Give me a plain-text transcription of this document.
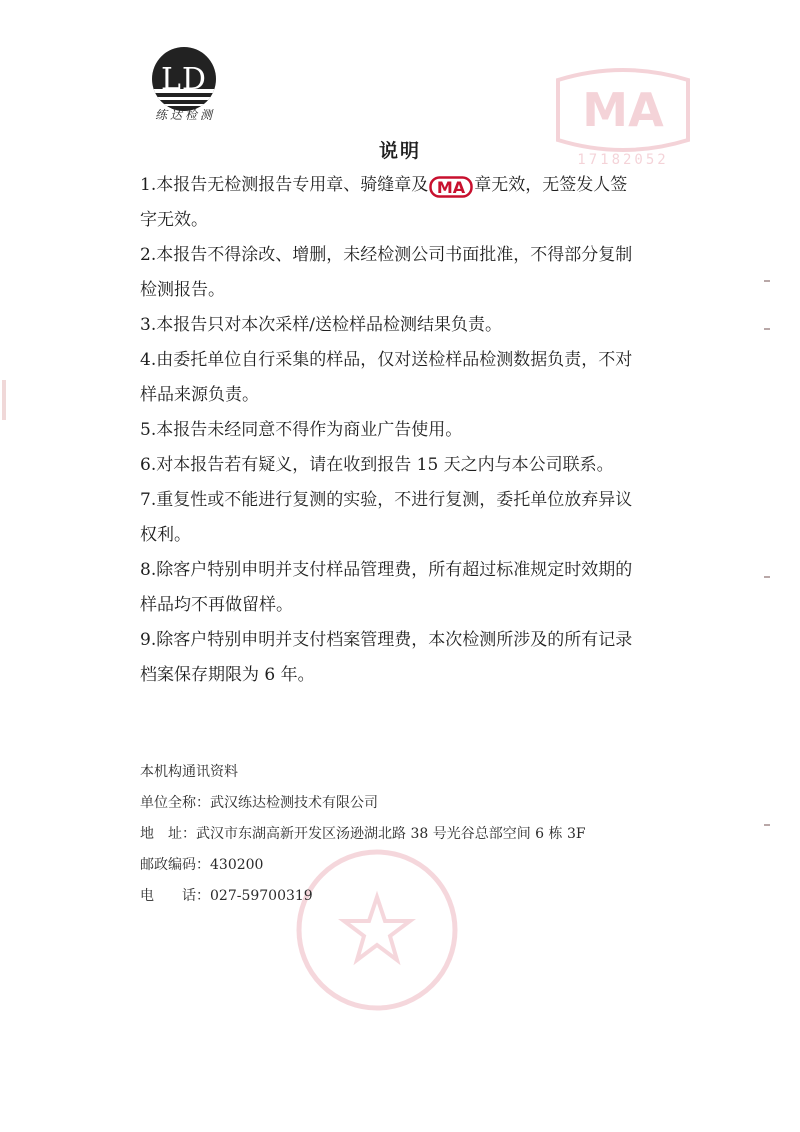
MA
17182052
LD
练达检测
说明
1.本报告无检测报告专用章、骑缝章及 MA 章无效，无签发人签
字无效。
2.本报告不得涂改、增删，未经检测公司书面批准，不得部分复制
检测报告。
3.本报告只对本次采样/送检样品检测结果负责。
4.由委托单位自行采集的样品，仅对送检样品检测数据负责，不对
样品来源负责。
5.本报告未经同意不得作为商业广告使用。
6.对本报告若有疑义，请在收到报告 15 天之内与本公司联系。
7.重复性或不能进行复测的实验，不进行复测，委托单位放弃异议
权利。
8.除客户特别申明并支付样品管理费，所有超过标准规定时效期的
样品均不再做留样。
9.除客户特别申明并支付档案管理费，本次检测所涉及的所有记录
档案保存期限为 6 年。
本机构通讯资料
单位全称：武汉练达检测技术有限公司
地　址：武汉市东湖高新开发区汤逊湖北路 38 号光谷总部空间 6 栋 3F
邮政编码：430200
电　　话：027-59700319
